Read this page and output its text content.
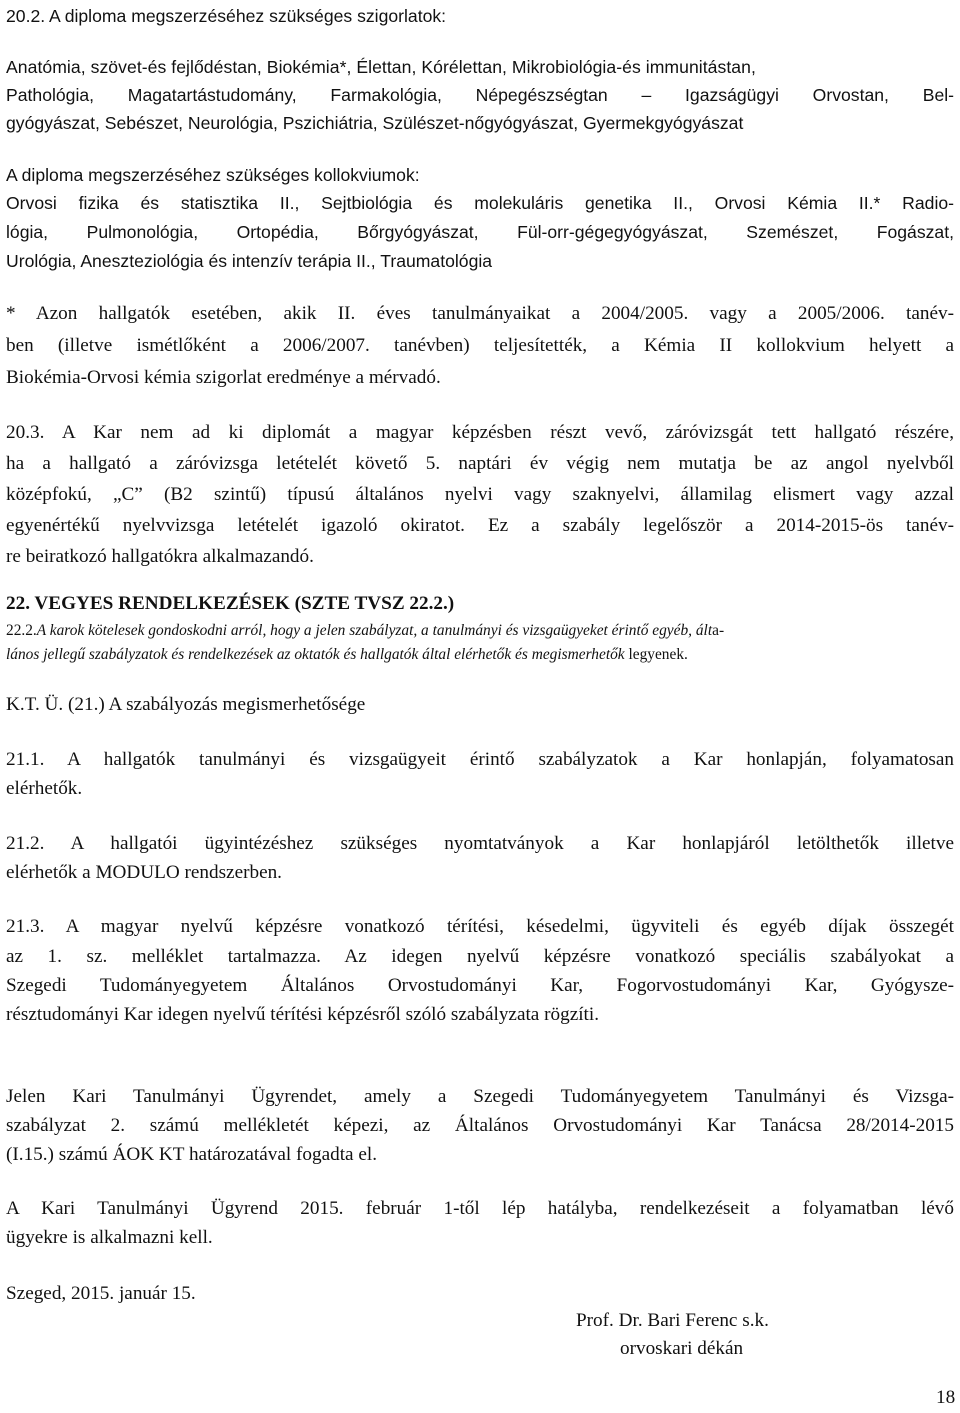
20.2. A diploma megszerzéséhez szükséges szigorlatok:
Anatómia, szövet-és fejlődéstan, Biokémia*, Élettan, Kórélettan, Mikrobiológia-és immunitástan,
Pathológia, Magatartástudomány, Farmakológia, Népegészségtan – Igazságügyi Orvostan, Bel-
gyógyászat, Sebészet, Neurológia, Pszichiátria, Szülészet-nőgyógyászat, Gyermekgyógyászat
A diploma megszerzéséhez szükséges kollokviumok:
Orvosi fizika és statisztika II., Sejtbiológia és molekuláris genetika II., Orvosi Kémia II.* Radio-
lógia, Pulmonológia, Ortopédia, Bőrgyógyászat, Fül-orr-gégegyógyászat, Szemészet, Fogászat,
Urológia, Aneszteziológia és intenzív terápia II., Traumatológia
* Azon hallgatók esetében, akik II. éves tanulmányaikat a 2004/2005. vagy a 2005/2006. tanév-
ben (illetve ismétlőként a 2006/2007. tanévben) teljesítették, a Kémia II kollokvium helyett a
Biokémia-Orvosi kémia szigorlat eredménye a mérvadó.
20.3. A Kar nem ad ki diplomát a magyar képzésben részt vevő, záróvizsgát tett hallgató részére,
ha a hallgató a záróvizsga letételét követő 5. naptári év végig nem mutatja be az angol nyelvből
középfokú, „C” (B2 szintű) típusú általános nyelvi vagy szaknyelvi, államilag elismert vagy azzal
egyenértékű nyelvvizsga letételét igazoló okiratot. Ez a szabály legelőször a 2014-2015-ös tanév-
re beiratkozó hallgatókra alkalmazandó.
22. VEGYES RENDELKEZÉSEK (SZTE TVSZ 22.2.)
22.2.A karok kötelesek gondoskodni arról, hogy a jelen szabályzat, a tanulmányi és vizsgaügyeket érintő egyéb, álta-
lános jellegű szabályzatok és rendelkezések az oktatók és hallgatók által elérhetők és megismerhetők legyenek.
K.T. Ü. (21.) A szabályozás megismerhetősége
21.1. A hallgatók tanulmányi és vizsgaügyeit érintő szabályzatok a Kar honlapján, folyamatosan
elérhetők.
21.2. A hallgatói ügyintézéshez szükséges nyomtatványok a Kar honlapjáról letölthetők illetve
elérhetők a MODULO rendszerben.
21.3. A magyar nyelvű képzésre vonatkozó térítési, késedelmi, ügyviteli és egyéb díjak összegét
az 1. sz. melléklet tartalmazza. Az idegen nyelvű képzésre vonatkozó speciális szabályokat a
Szegedi Tudományegyetem Általános Orvostudományi Kar, Fogorvostudományi Kar, Gyógysze-
résztudományi Kar idegen nyelvű térítési képzésről szóló szabályzata rögzíti.
Jelen Kari Tanulmányi Ügyrendet, amely a Szegedi Tudományegyetem Tanulmányi és Vizsga-
szabályzat 2. számú mellékletét képezi, az Általános Orvostudományi Kar Tanácsa 28/2014-2015
(I.15.) számú ÁOK KT határozatával fogadta el.
A Kari Tanulmányi Ügyrend 2015. február 1-től lép hatályba, rendelkezéseit a folyamatban lévő
ügyekre is alkalmazni kell.
Szeged, 2015. január 15.
Prof. Dr. Bari Ferenc s.k.
orvoskari dékán
18
